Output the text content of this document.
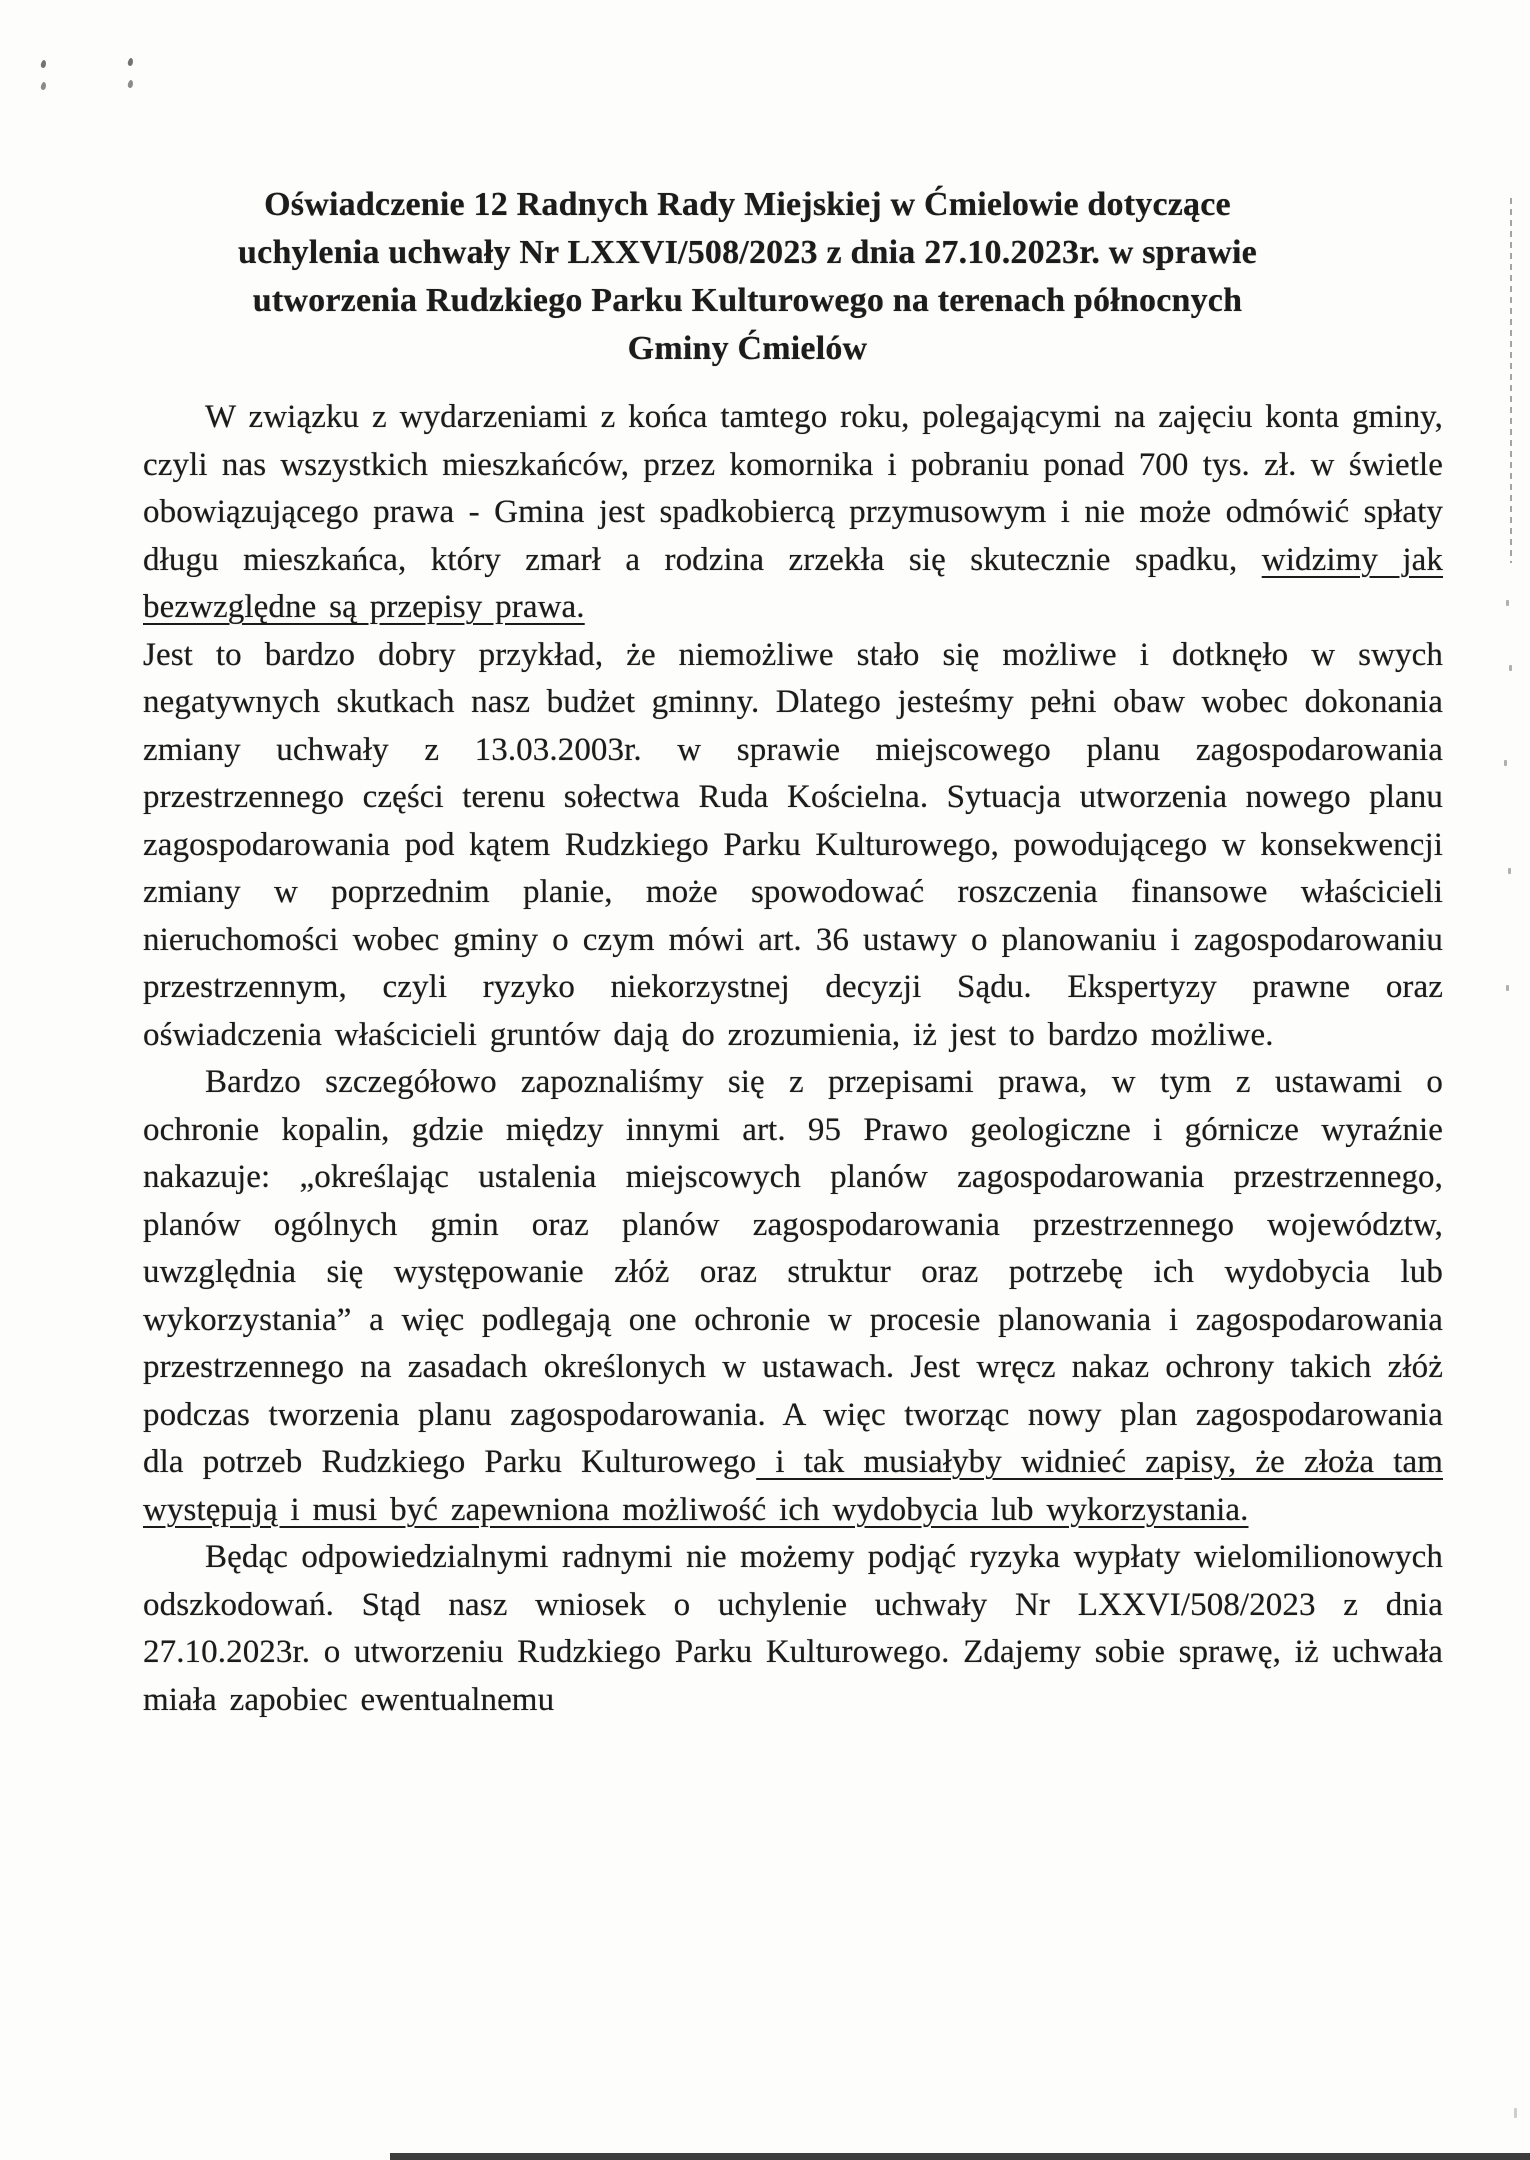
Oświadczenie 12 Radnych Rady Miejskiej w Ćmielowie dotyczące
uchylenia uchwały Nr LXXVI/508/2023 z dnia 27.10.2023r. w sprawie
utworzenia Rudzkiego Parku Kulturowego na terenach północnych
Gminy Ćmielów

W związku z wydarzeniami z końca tamtego roku, polegającymi na zajęciu konta gminy, czyli nas wszystkich mieszkańców, przez komornika i pobraniu ponad 700 tys. zł. w świetle obowiązującego prawa - Gmina jest spadkobiercą przymusowym i nie może odmówić spłaty długu mieszkańca, który zmarł a rodzina zrzekła się skutecznie spadku, widzimy jak bezwzględne są przepisy prawa.

Jest to bardzo dobry przykład, że niemożliwe stało się możliwe i dotknęło w swych negatywnych skutkach nasz budżet gminny. Dlatego jesteśmy pełni obaw wobec dokonania zmiany uchwały z 13.03.2003r. w sprawie miejscowego planu zagospodarowania przestrzennego części terenu sołectwa Ruda Kościelna. Sytuacja utworzenia nowego planu zagospodarowania pod kątem Rudzkiego Parku Kulturowego, powodującego w konsekwencji zmiany w poprzednim planie, może spowodować roszczenia finansowe właścicieli nieruchomości wobec gminy o czym mówi art. 36 ustawy o planowaniu i zagospodarowaniu przestrzennym, czyli ryzyko niekorzystnej decyzji Sądu. Ekspertyzy prawne oraz oświadczenia właścicieli gruntów dają do zrozumienia, iż jest to bardzo możliwe.

Bardzo szczegółowo zapoznaliśmy się z przepisami prawa, w tym z ustawami o ochronie kopalin, gdzie między innymi art. 95 Prawo geologiczne i górnicze wyraźnie nakazuje: „określając ustalenia miejscowych planów zagospodarowania przestrzennego, planów ogólnych gmin oraz planów zagospodarowania przestrzennego województw, uwzględnia się występowanie złóż oraz struktur oraz potrzebę ich wydobycia lub wykorzystania” a więc podlegają one ochronie w procesie planowania i zagospodarowania przestrzennego na zasadach określonych w ustawach. Jest wręcz nakaz ochrony takich złóż podczas tworzenia planu zagospodarowania. A więc tworząc nowy plan zagospodarowania dla potrzeb Rudzkiego Parku Kulturowego i tak musiałyby widnieć zapisy, że złoża tam występują i musi być zapewniona możliwość ich wydobycia lub wykorzystania.

Będąc odpowiedzialnymi radnymi nie możemy podjąć ryzyka wypłaty wielomilionowych odszkodowań. Stąd nasz wniosek o uchylenie uchwały Nr LXXVI/508/2023 z dnia 27.10.2023r. o utworzeniu Rudzkiego Parku Kulturowego. Zdajemy sobie sprawę, iż uchwała miała zapobiec ewentualnemu
